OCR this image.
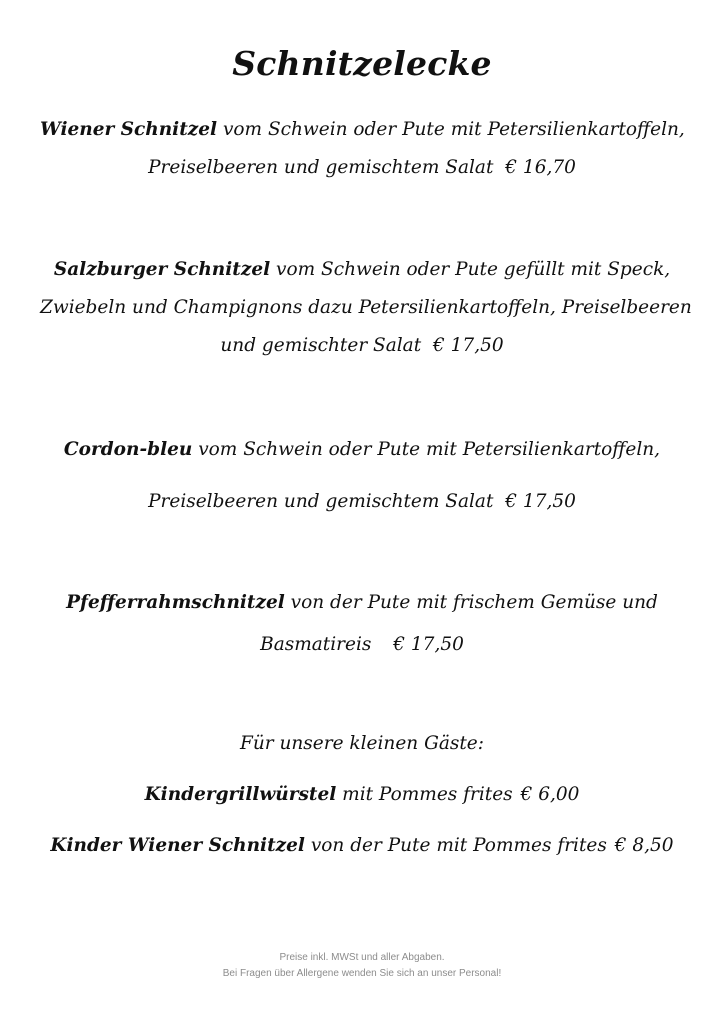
Schnitzelecke
Wiener Schnitzel vom Schwein oder Pute mit Petersilienkartoffeln,
Preiselbeeren und gemischtem Salat € 16,70
Salzburger Schnitzel vom Schwein oder Pute gefüllt mit Speck,
Zwiebeln und Champignons dazu Petersilienkartoffeln, Preiselbeeren
und gemischter Salat € 17,50
Cordon-bleu vom Schwein oder Pute mit Petersilienkartoffeln,
Preiselbeeren und gemischtem Salat € 17,50
Pfefferrahmschnitzel von der Pute mit frischem Gemüse und
Basmatireis € 17,50
Für unsere kleinen Gäste:
Kindergrillwürstel mit Pommes frites € 6,00
Kinder Wiener Schnitzel von der Pute mit Pommes frites € 8,50
Preise inkl. MWSt und aller Abgaben.
Bei Fragen über Allergene wenden Sie sich an unser Personal!
